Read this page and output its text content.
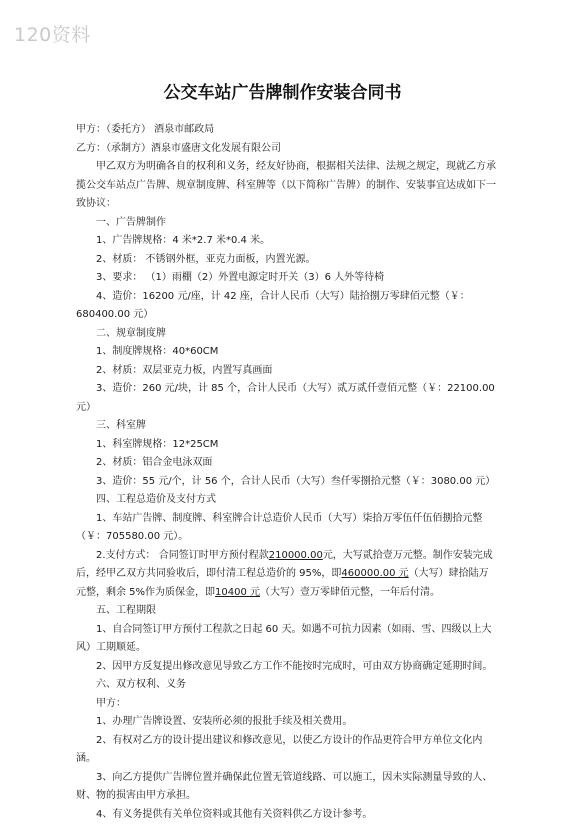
120资料
公交车站广告牌制作安装合同书

甲方：（委托方） 酒泉市邮政局

乙方：（承制方）酒泉市盛唐文化发展有限公司

甲乙双方为明确各自的权利和义务，经友好协商，根据相关法律、法规之规定，现就乙方承揽公交车站点广告牌、规章制度牌、科室牌等（以下简称广告牌）的制作、安装事宜达成如下一致协议：

一、广告牌制作

1、广告牌规格：4 米*2.7 米*0.4 米。

2、材质： 不锈钢外框，亚克力面板，内置光源。

3、要求： （1）雨棚（2）外置电源定时开关（3）6 人外等待椅

4、造价：16200 元/座，计 42 座，合计人民币（大写）陆拾捌万零肆佰元整（￥：680400.00 元）

二、规章制度牌

1、制度牌规格：40*60CM

2、材质：双层亚克力板，内置写真画面

3、造价：260 元/块，计 85 个，合计人民币（大写）贰万贰仟壹佰元整（￥：22100.00 元）

三、科室牌

1、科室牌规格：12*25CM

2、材质：铝合金电泳双面

3、造价：55 元/个，计 56 个，合计人民币（大写）叁仟零捌拾元整（￥：3080.00 元）

四、工程总造价及支付方式

1、车站广告牌、制度牌、科室牌合计总造价人民币（大写）柒拾万零伍仟伍佰捌拾元整（￥：705580.00 元）。

2.支付方式： 合同签订时甲方预付程款210000.00元，大写贰拾壹万元整。制作安装完成后，经甲乙双方共同验收后，即付清工程总造价的 95%，即460000.00 元（大写）肆拾陆万元整，剩余 5%作为质保金，即10400 元（大写）壹万零肆佰元整，一年后付清。

五、工程期限

1、自合同签订甲方预付工程款之日起 60 天。如遇不可抗力因素（如雨、雪、四级以上大风）工期顺延。

2、因甲方反复提出修改意见导致乙方工作不能按时完成时，可由双方协商确定延期时间。

六、双方权利、义务

甲方：

1、办理广告牌设置、安装所必须的报批手续及相关费用。

2、有权对乙方的设计提出建议和修改意见，以使乙方设计的作品更符合甲方单位文化内涵。

3、向乙方提供广告牌位置并确保此位置无管道线路、可以施工，因未实际测量导致的人、财、物的损害由甲方承担。

4、有义务提供有关单位资料或其他有关资料供乙方设计参考。
